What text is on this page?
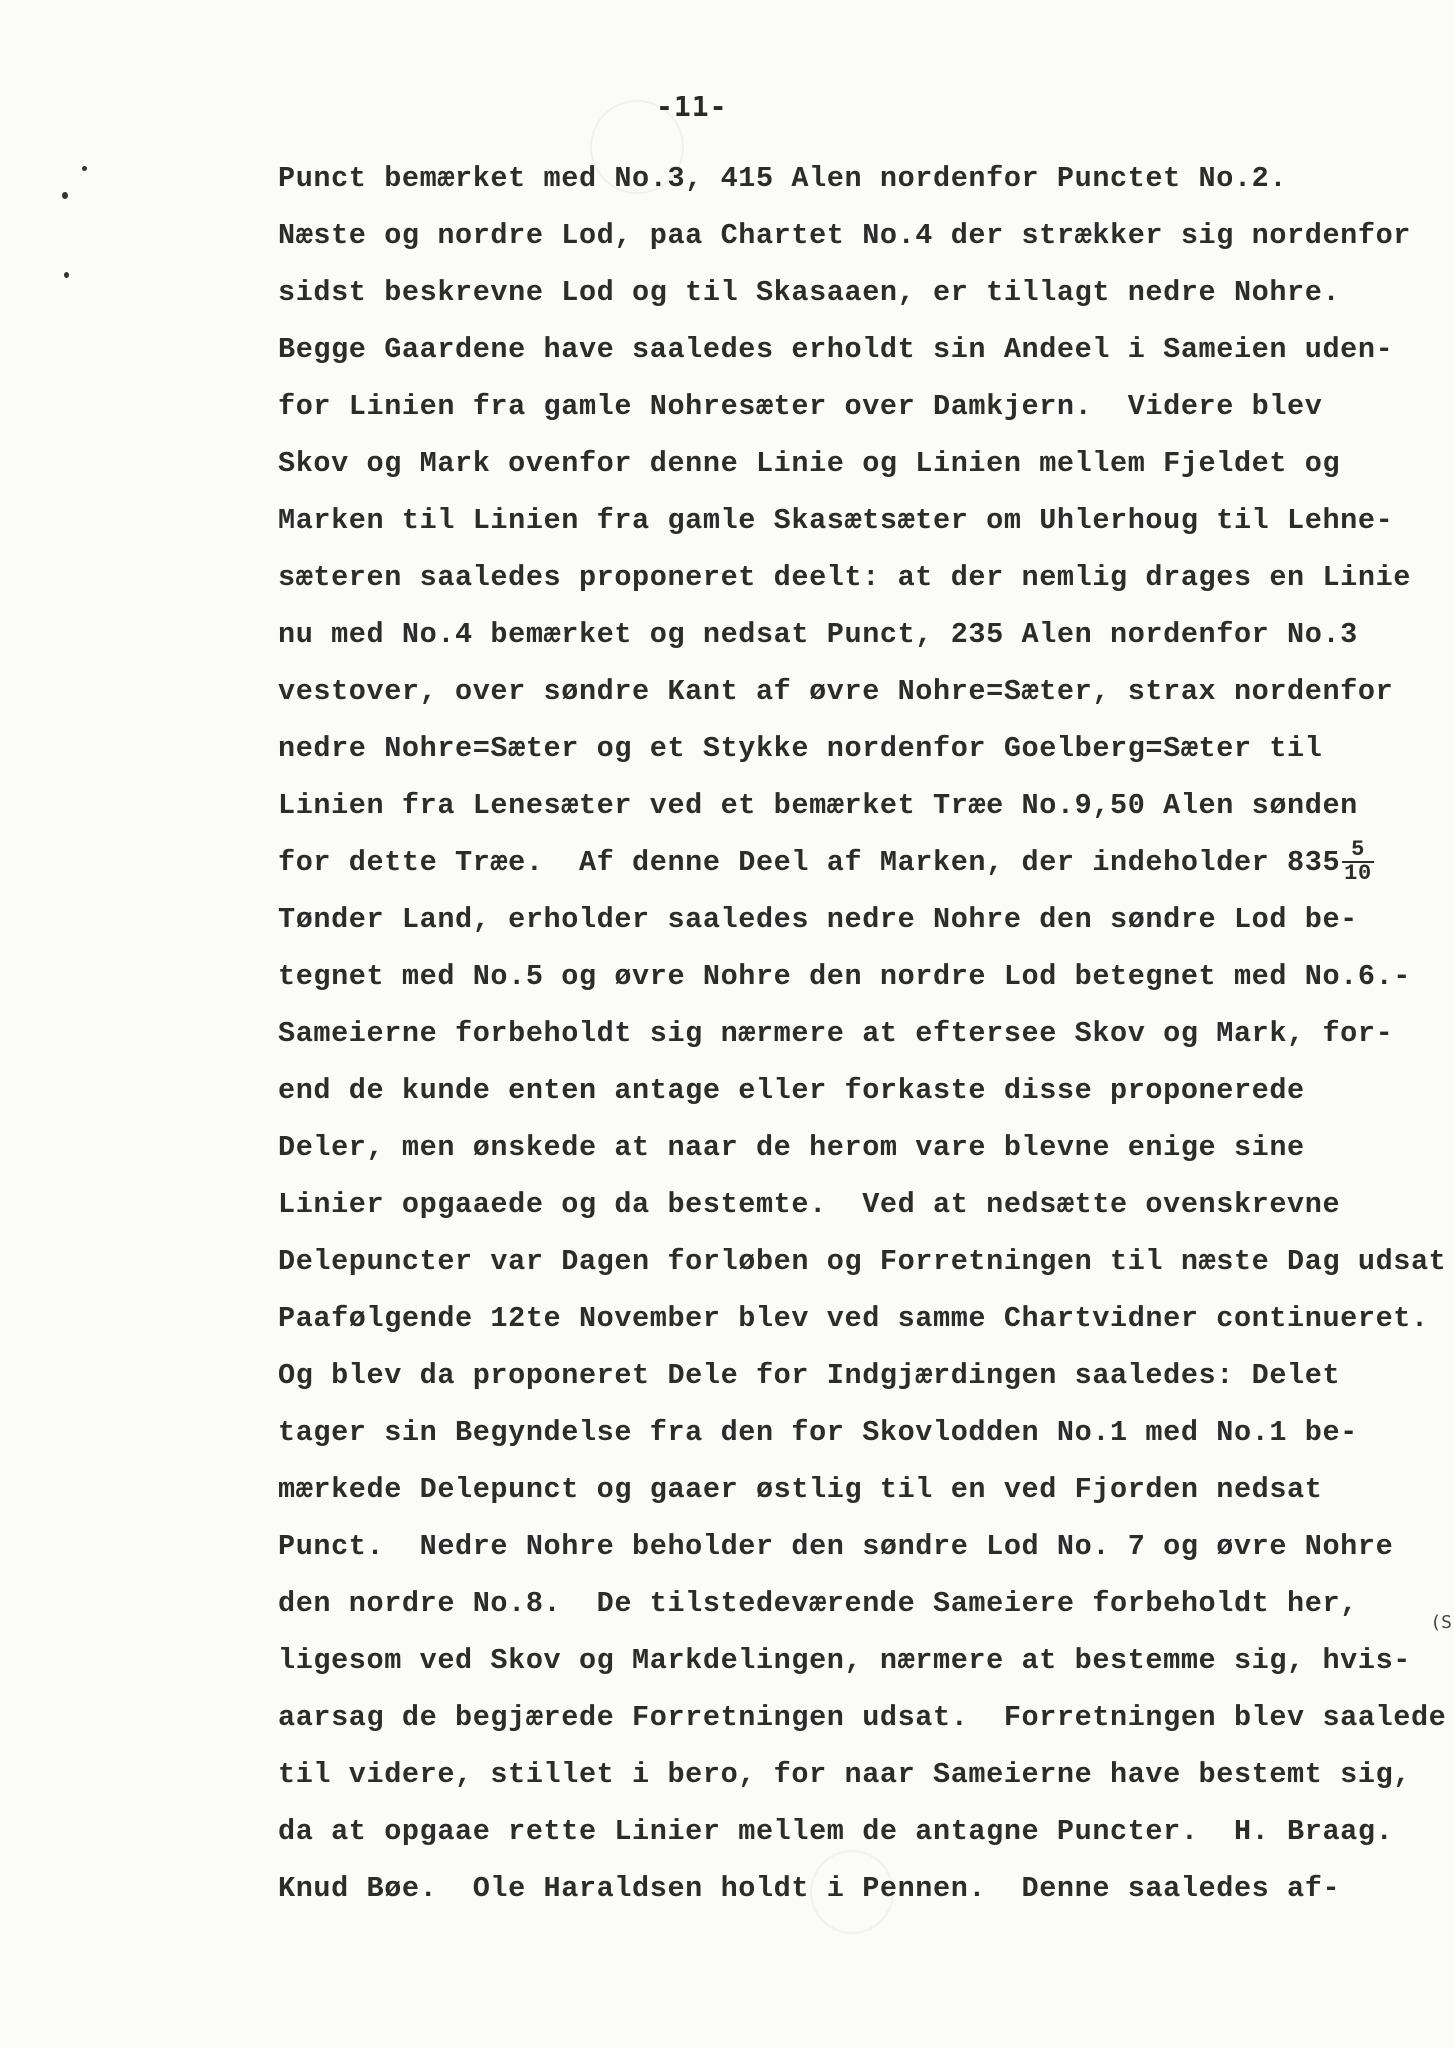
-11-
Punct bemærket med No.3, 415 Alen nordenfor Punctet No.2.
Næste og nordre Lod, paa Chartet No.4 der strækker sig nordenfor
sidst beskrevne Lod og til Skasaaen, er tillagt nedre Nohre.
Begge Gaardene have saaledes erholdt sin Andeel i Sameien uden-
for Linien fra gamle Nohresæter over Damkjern.  Videre blev
Skov og Mark ovenfor denne Linie og Linien mellem Fjeldet og
Marken til Linien fra gamle Skasætsæter om Uhlerhoug til Lehne-
sæteren saaledes proponeret deelt: at der nemlig drages en Linie
nu med No.4 bemærket og nedsat Punct, 235 Alen nordenfor No.3
vestover, over søndre Kant af øvre Nohre=Sæter, strax nordenfor
nedre Nohre=Sæter og et Stykke nordenfor Goelberg=Sæter til
Linien fra Lenesæter ved et bemærket Træe No.9,50 Alen sønden
for dette Træe.  Af denne Deel af Marken, der indeholder $835 \frac{5}{10}$
Tønder Land, erholder saaledes nedre Nohre den søndre Lod be-
tegnet med No.5 og øvre Nohre den nordre Lod betegnet med No.6.-
Sameierne forbeholdt sig nærmere at eftersee Skov og Mark, for-
end de kunde enten antage eller forkaste disse proponerede
Deler, men ønskede at naar de herom vare blevne enige sine
Linier opgaaede og da bestemte.  Ved at nedsætte ovenskrevne
Delepuncter var Dagen forløben og Forretningen til næste Dag udsat
Paafølgende 12te November blev ved samme Chartvidner continueret.
Og blev da proponeret Dele for Indgjærdingen saaledes: Delet
tager sin Begyndelse fra den for Skovlodden No.1 med No.1 be-
mærkede Delepunct og gaaer østlig til en ved Fjorden nedsat
Punct.  Nedre Nohre beholder den søndre Lod No. 7 og øvre Nohre
den nordre No.8.  De tilstedeværende Sameiere forbeholdt her,
ligesom ved Skov og Markdelingen, nærmere at bestemme sig, hvis-
aarsag de begjærede Forretningen udsat.  Forretningen blev saalede
til videre, stillet i bero, for naar Sameierne have bestemt sig,
da at opgaae rette Linier mellem de antagne Puncter.  H. Braag.
Knud Bøe.  Ole Haraldsen holdt i Pennen.  Denne saaledes af-
(S
